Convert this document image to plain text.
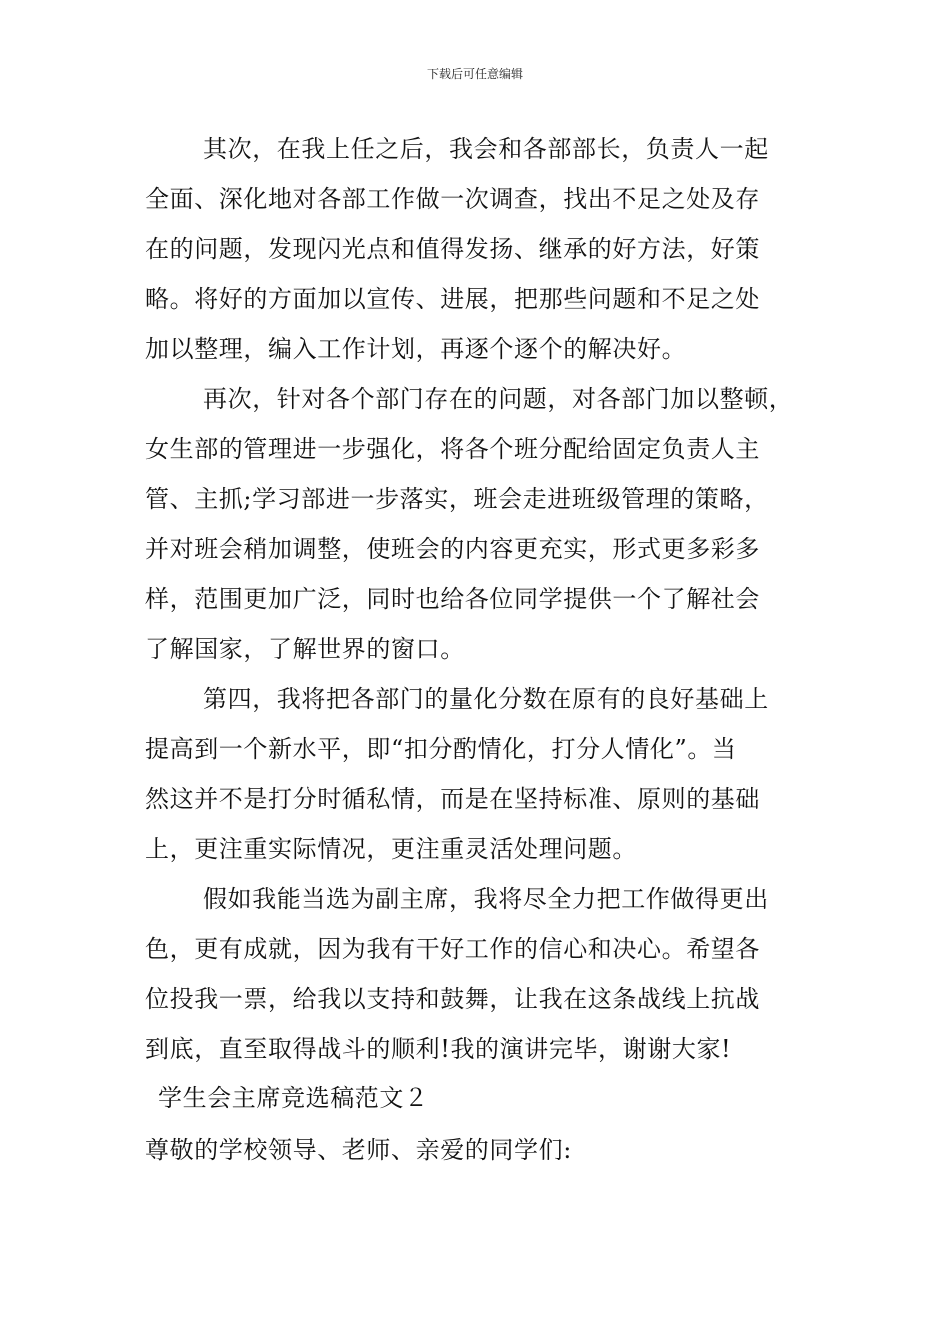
下载后可任意编辑
其次，在我上任之后，我会和各部部长，负责人一起
全面、深化地对各部工作做一次调查，找出不足之处及存
在的问题，发现闪光点和值得发扬、继承的好方法，好策
略。将好的方面加以宣传、进展，把那些问题和不足之处
加以整理，编入工作计划，再逐个逐个的解决好。
再次，针对各个部门存在的问题，对各部门加以整顿，
女生部的管理进一步强化，将各个班分配给固定负责人主
管、主抓;学习部进一步落实，班会走进班级管理的策略，
并对班会稍加调整，使班会的内容更充实，形式更多彩多
样，范围更加广泛，同时也给各位同学提供一个了解社会
了解国家，了解世界的窗口。
第四，我将把各部门的量化分数在原有的良好基础上
提高到一个新水平，即“扣分酌情化，打分人情化”。当
然这并不是打分时循私情，而是在坚持标准、原则的基础
上，更注重实际情况，更注重灵活处理问题。
假如我能当选为副主席，我将尽全力把工作做得更出
色，更有成就，因为我有干好工作的信心和决心。希望各
位投我一票，给我以支持和鼓舞，让我在这条战线上抗战
到底，直至取得战斗的顺利!我的演讲完毕，谢谢大家!
学生会主席竞选稿范文２
尊敬的学校领导、老师、亲爱的同学们:
